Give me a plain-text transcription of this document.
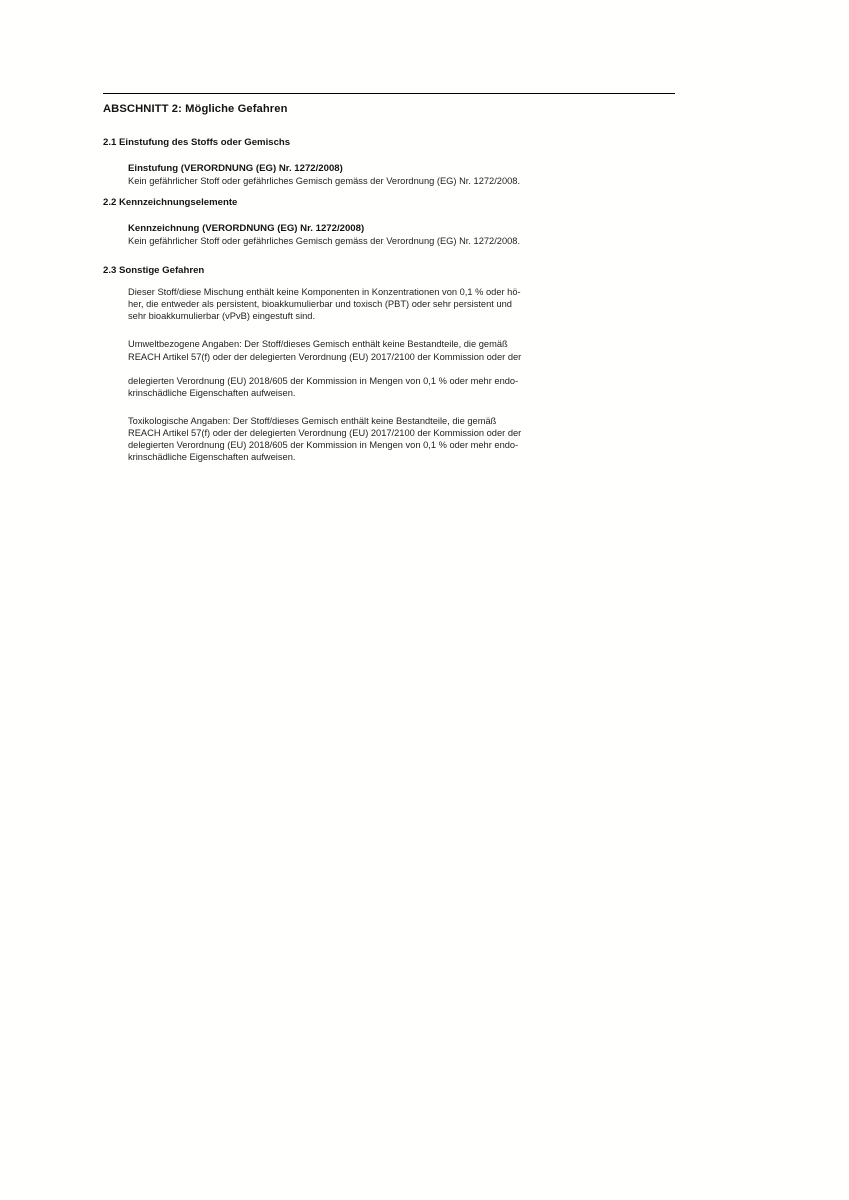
ABSCHNITT 2: Mögliche Gefahren
2.1 Einstufung des Stoffs oder Gemischs
Einstufung (VERORDNUNG (EG) Nr. 1272/2008)
Kein gefährlicher Stoff oder gefährliches Gemisch gemäss der Verordnung (EG) Nr. 1272/2008.
2.2 Kennzeichnungselemente
Kennzeichnung (VERORDNUNG (EG) Nr. 1272/2008)
Kein gefährlicher Stoff oder gefährliches Gemisch gemäss der Verordnung (EG) Nr. 1272/2008.
2.3 Sonstige Gefahren
Dieser Stoff/diese Mischung enthält keine Komponenten in Konzentrationen von 0,1 % oder hö-
her, die entweder als persistent, bioakkumulierbar und toxisch (PBT) oder sehr persistent und
sehr bioakkumulierbar (vPvB) eingestuft sind.
Umweltbezogene Angaben: Der Stoff/dieses Gemisch enthält keine Bestandteile, die gemäß
REACH Artikel 57(f) oder der delegierten Verordnung (EU) 2017/2100 der Kommission oder der
delegierten Verordnung (EU) 2018/605 der Kommission in Mengen von 0,1 % oder mehr endo-
krinschädliche Eigenschaften aufweisen.
Toxikologische Angaben: Der Stoff/dieses Gemisch enthält keine Bestandteile, die gemäß
REACH Artikel 57(f) oder der delegierten Verordnung (EU) 2017/2100 der Kommission oder der
delegierten Verordnung (EU) 2018/605 der Kommission in Mengen von 0,1 % oder mehr endo-
krinschädliche Eigenschaften aufweisen.
